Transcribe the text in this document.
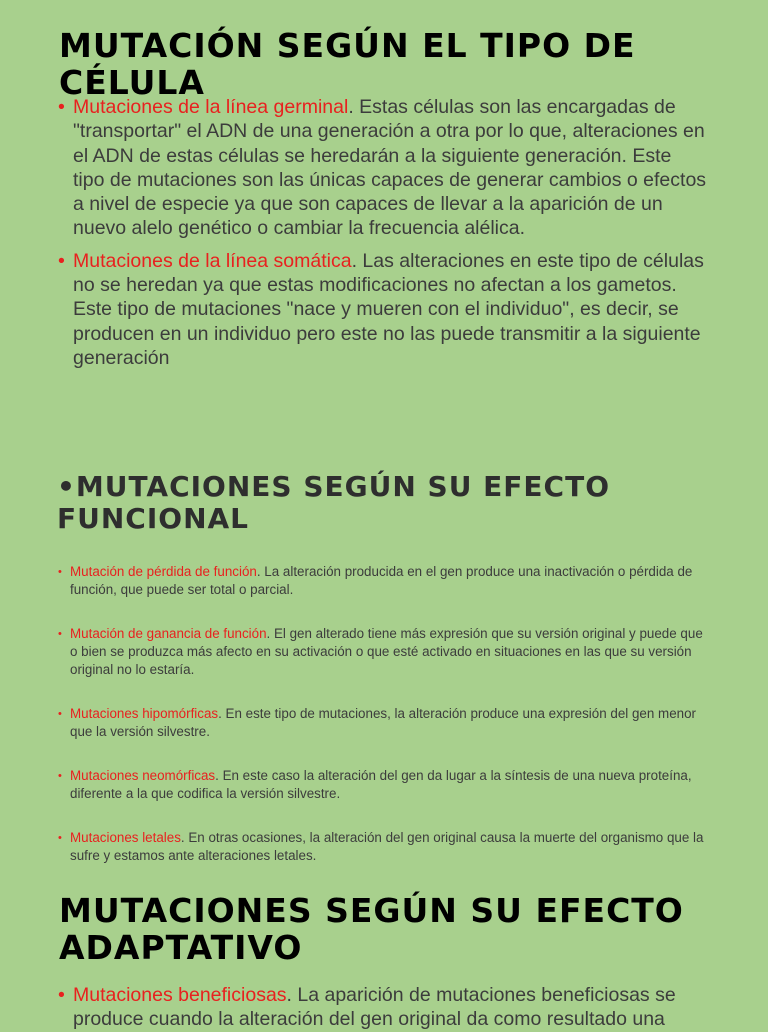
MUTACIÓN SEGÚN EL TIPO DE CÉLULA
• Mutaciones de la línea germinal. Estas células son las encargadas de "transportar" el ADN de una generación a otra por lo que, alteraciones en el ADN de estas células se heredarán a la siguiente generación. Este tipo de mutaciones son las únicas capaces de generar cambios o efectos a nivel de especie ya que son capaces de llevar a la aparición de un nuevo alelo genético o cambiar la frecuencia alélica.
• Mutaciones de la línea somática. Las alteraciones en este tipo de células no se heredan ya que estas modificaciones no afectan a los gametos. Este tipo de mutaciones "nace y mueren con el individuo", es decir, se producen en un individuo pero este no las puede transmitir a la siguiente generación
•MUTACIONES SEGÚN SU EFECTO FUNCIONAL
• Mutación de pérdida de función. La alteración producida en el gen produce una inactivación o pérdida de función, que puede ser total o parcial.
• Mutación de ganancia de función. El gen alterado tiene más expresión que su versión original y puede que o bien se produzca más afecto en su activación o que esté activado en situaciones en las que su versión original no lo estaría.
• Mutaciones hipomórficas. En este tipo de mutaciones, la alteración produce una expresión del gen menor que la versión silvestre.
• Mutaciones neomórficas. En este caso la alteración del gen da lugar a la síntesis de una nueva proteína, diferente a la que codifica la versión silvestre.
• Mutaciones letales. En otras ocasiones, la alteración del gen original causa la muerte del organismo que la sufre y estamos ante alteraciones letales.
MUTACIONES SEGÚN SU EFECTO ADAPTATIVO
• Mutaciones beneficiosas. La aparición de mutaciones beneficiosas se produce cuando la alteración del gen original da como resultado una
